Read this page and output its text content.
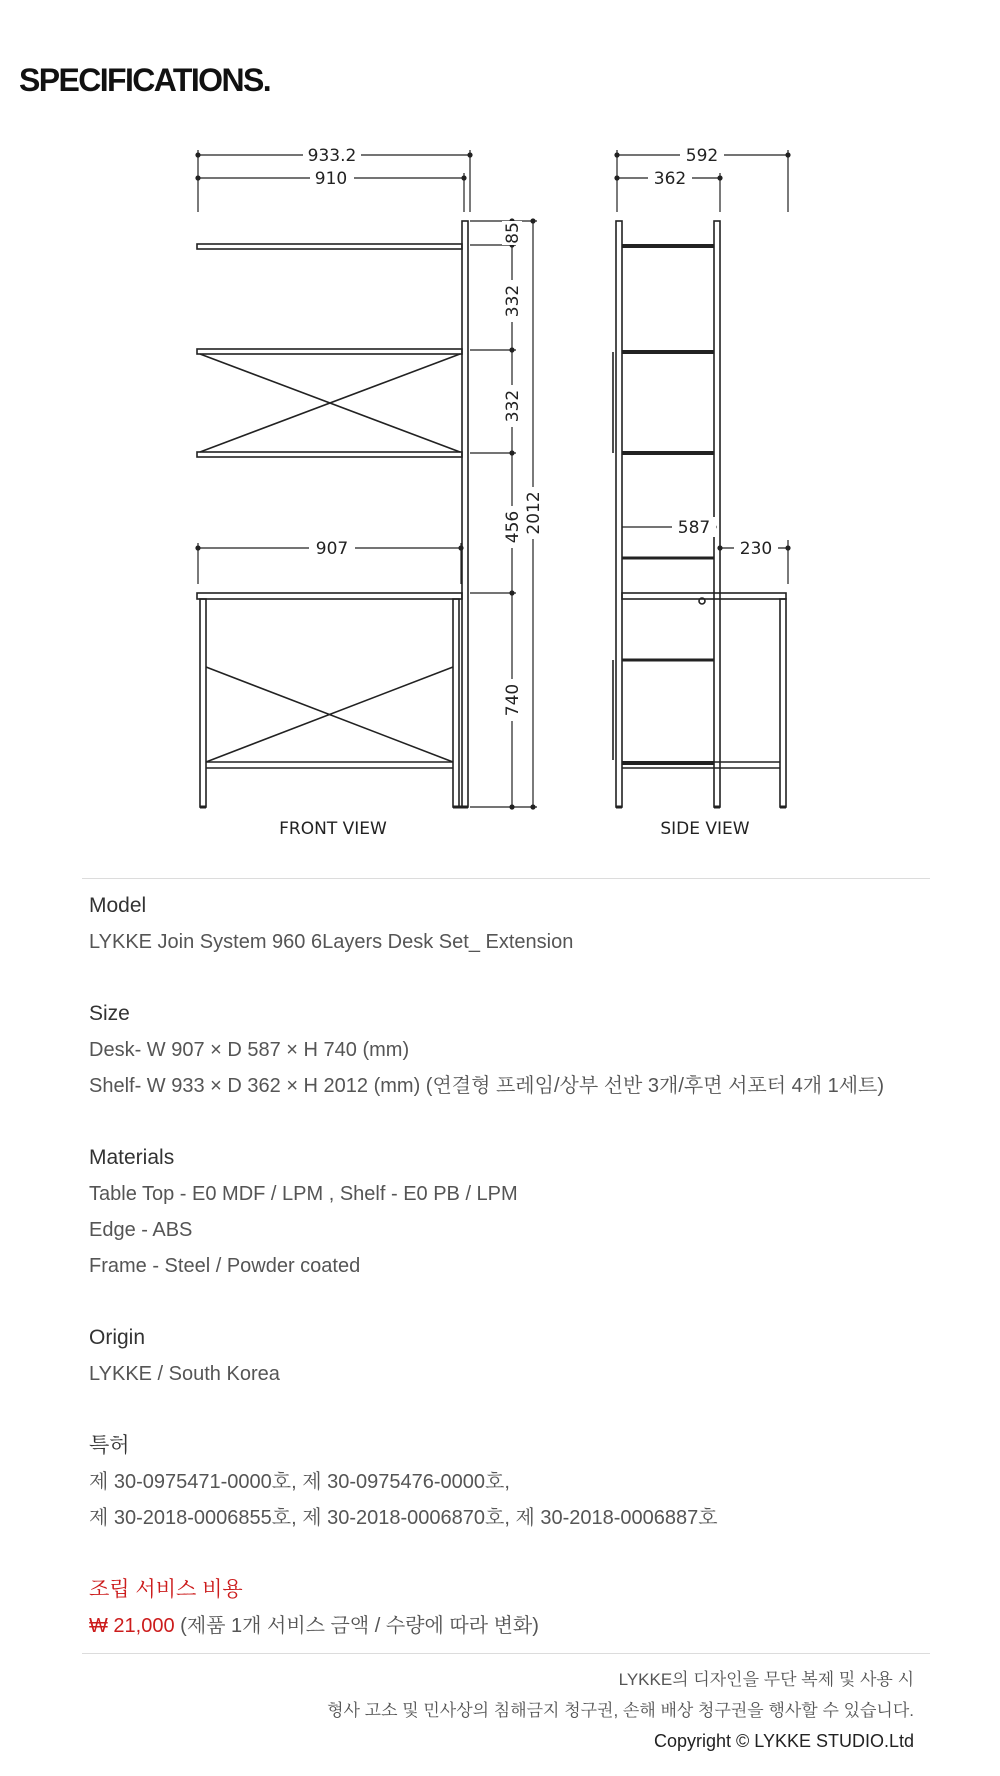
SPECIFICATIONS.
933.2
910
907
85
332
332
456
740
2012
FRONT VIEW
592
362
587
230
SIDE VIEW
Model
LYKKE Join System 960 6Layers Desk Set_ Extension
Size
Desk- W 907 × D 587 × H 740 (mm)
Shelf- W 933 × D 362 × H 2012 (mm) (연결형 프레임/상부 선반 3개/후면 서포터 4개 1세트)
Materials
Table Top - E0 MDF / LPM , Shelf - E0 PB / LPM
Edge - ABS
Frame - Steel / Powder coated
Origin
LYKKE / South Korea
특허
제 30-0975471-0000호, 제 30-0975476-0000호,
제 30-2018-0006855호, 제 30-2018-0006870호, 제 30-2018-0006887호
조립 서비스 비용
₩ 21,000 (제품 1개 서비스 금액 / 수량에 따라 변화)
LYKKE의 디자인을 무단 복제 및 사용 시
형사 고소 및 민사상의 침해금지 청구권, 손해 배상 청구권을 행사할 수 있습니다.
Copyright © LYKKE STUDIO.Ltd
